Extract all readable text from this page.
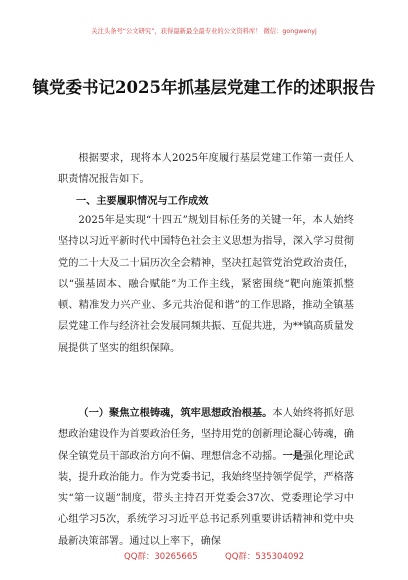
关注头条号“公文研究”，获得最新最全最专业的公文资料库！ 微信：gongwenyj
镇党委书记2025年抓基层党建工作的述职报告

根据要求，现将本人2025年度履行基层党建工作第一责任人职责情况报告如下。

一、主要履职情况与工作成效

2025年是实现“十四五”规划目标任务的关键一年，本人始终坚持以习近平新时代中国特色社会主义思想为指导，深入学习贯彻党的二十大及二十届历次全会精神，坚决扛起管党治党政治责任，以“强基固本、融合赋能”为工作主线，紧密围绕“靶向施策抓整顿、精准发力兴产业、多元共治促和谐”的工作思路，推动全镇基层党建工作与经济社会发展同频共振、互促共进，为**镇高质量发展提供了坚实的组织保障。

（一）聚焦立根铸魂，筑牢思想政治根基。本人始终将抓好思想政治建设作为首要政治任务，坚持用党的创新理论凝心铸魂，确保全镇党员干部政治方向不偏、理想信念不动摇。一是强化理论武装，提升政治能力。作为党委书记，我始终坚持领学促学，严格落实“第一议题”制度，带头主持召开党委会37次、党委理论学习中心组学习5次，系统学习习近平总书记系列重要讲话精神和党中央最新决策部署。通过以上率下，确保

QQ群：30265665	QQ群：535304092
